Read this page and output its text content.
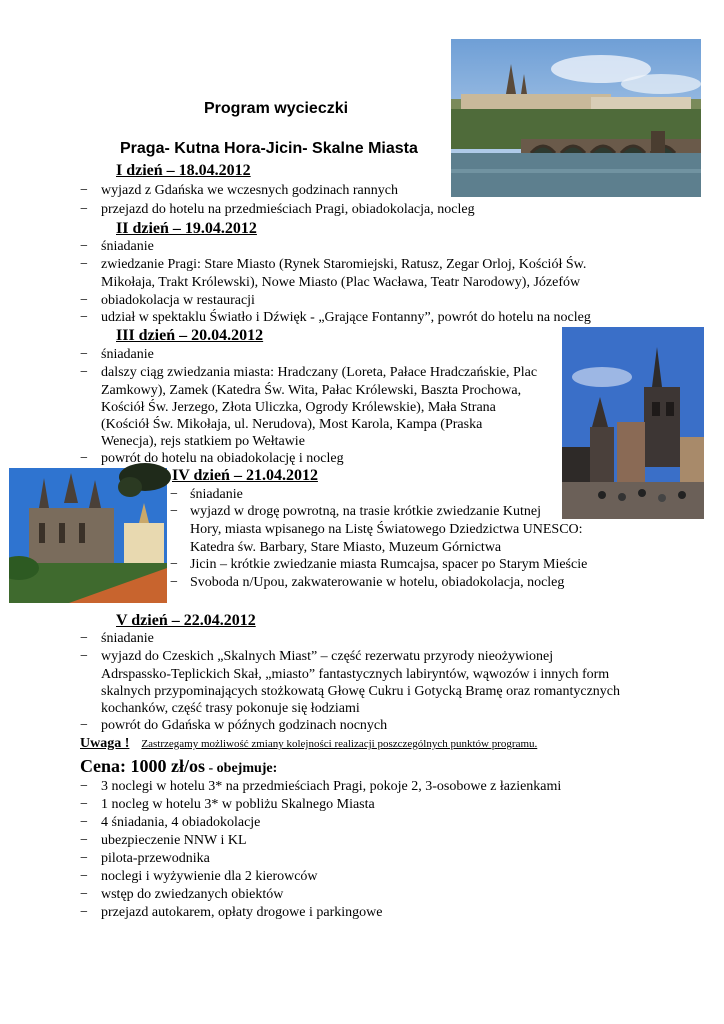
Program wycieczki
Praga- Kutna Hora-Jicin- Skalne Miasta
I dzień – 18.04.2012
− wyjazd z Gdańska we wczesnych godzinach rannych
− przejazd do hotelu na przedmieściach Pragi, obiadokolacja, nocleg
II dzień – 19.04.2012
− śniadanie
− zwiedzanie Pragi: Stare Miasto (Rynek Staromiejski, Ratusz, Zegar Orloj, Kościół Św.
Mikołaja, Trakt Królewski), Nowe Miasto (Plac Wacława, Teatr Narodowy), Józefów
− obiadokolacja w restauracji
− udział w spektaklu Światło i Dźwięk - „Grające Fontanny”, powrót do hotelu na nocleg
III dzień – 20.04.2012
− śniadanie
− dalszy ciąg zwiedzania miasta: Hradczany (Loreta, Pałace Hradczańskie, Plac
Zamkowy), Zamek (Katedra Św. Wita, Pałac Królewski, Baszta Prochowa,
Kościół Św. Jerzego, Złota Uliczka, Ogrody Królewskie), Mała Strana
(Kościół Św. Mikołaja, ul. Nerudova), Most Karola, Kampa (Praska
Wenecja), rejs statkiem po Wełtawie
− powrót do hotelu na obiadokolację i nocleg
IV dzień – 21.04.2012
− śniadanie
− wyjazd w drogę powrotną, na trasie krótkie zwiedzanie Kutnej
Hory, miasta wpisanego na Listę Światowego Dziedzictwa UNESCO:
Katedra św. Barbary, Stare Miasto, Muzeum Górnictwa
− Jicin – krótkie zwiedzanie miasta Rumcajsa, spacer po Starym Mieście
− Svoboda n/Upou, zakwaterowanie w hotelu, obiadokolacja, nocleg
V dzień – 22.04.2012
− śniadanie
− wyjazd do Czeskich „Skalnych Miast” – część rezerwatu przyrody nieożywionej
Adrspassko-Teplickich Skał, „miasto” fantastycznych labiryntów, wąwozów i innych form
skalnych przypominających stożkowatą Głowę Cukru i Gotycką Bramę oraz romantycznych
kochanków, część trasy pokonuje się łodziami
− powrót do Gdańska w późnych godzinach nocnych
Uwaga ! Zastrzegamy możliwość zmiany kolejności realizacji poszczególnych punktów programu.
Cena: 1000 zł/os - obejmuje:
− 3 noclegi w hotelu 3* na przedmieściach Pragi, pokoje 2, 3-osobowe z łazienkami
− 1 nocleg w hotelu 3* w pobliżu Skalnego Miasta
− 4 śniadania, 4 obiadokolacje
− ubezpieczenie NNW i KL
− pilota-przewodnika
− noclegi i wyżywienie dla 2 kierowców
− wstęp do zwiedzanych obiektów
− przejazd autokarem, opłaty drogowe i parkingowe
